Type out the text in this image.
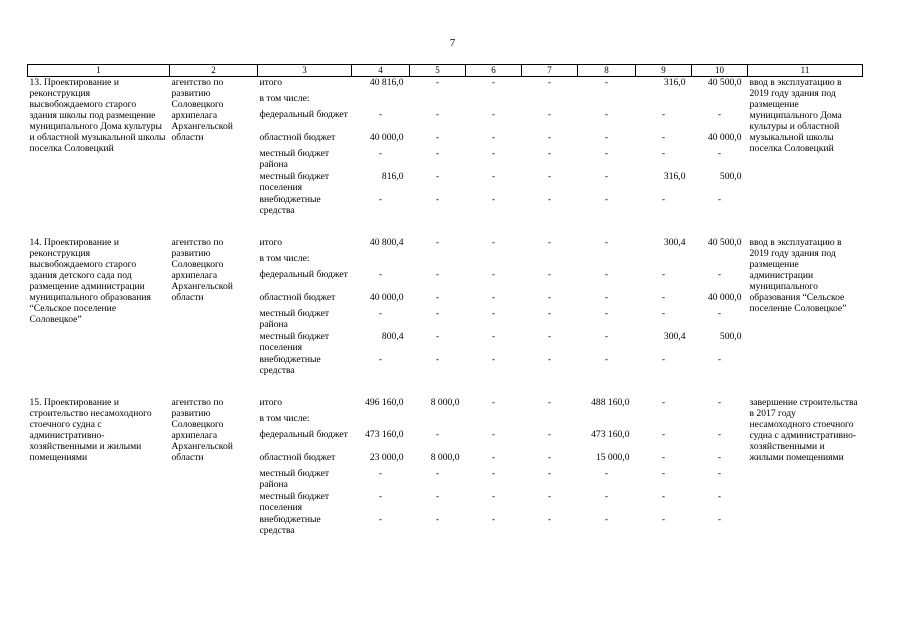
7
1	2	3	4	5	6	7	8	9	10	11
13. Проектирование и реконструкция высвобождаемого старого здания школы под размещение муниципального Дома культуры и областной музыкальной школы поселка Соловецкий	агентство по развитию Соловецкого архипелага Архангельской области	итого	40 816,0	-	-	-	-	316,0	40 500,0	ввод в эксплуатацию в 2019 году здания под размещение муниципального Дома культуры и областной музыкальной школы поселка Соловецкий
		в том числе:								
		федеральный бюджет	-	-	-	-	-	-	-	
		областной бюджет	40 000,0	-	-	-	-	-	40 000,0	
		местный бюджет района	-	-	-	-	-	-	-	
		местный бюджет поселения	816,0	-	-	-	-	316,0	500,0	
		внебюджетные средства	-	-	-	-	-	-	-	

14. Проектирование и реконструкция высвобождаемого старого здания детского сада под размещение администрации муниципального образования “Сельское поселение Соловецкое”	агентство по развитию Соловецкого архипелага Архангельской области	итого	40 800,4	-	-	-	-	300,4	40 500,0	ввод в эксплуатацию в 2019 году здания под размещение администрации муниципального образования “Сельское поселение Соловецкое”
		в том числе:								
		федеральный бюджет	-	-	-	-	-	-	-	
		областной бюджет	40 000,0	-	-	-	-	-	40 000,0	
		местный бюджет района	-	-	-	-	-	-	-	
		местный бюджет поселения	800,4	-	-	-	-	300,4	500,0	
		внебюджетные средства	-	-	-	-	-	-	-	

15. Проектирование и строительство несамоходного стоечного судна с административно-хозяйственными и жилыми помещениями	агентство по развитию Соловецкого архипелага Архангельской области	итого	496 160,0	8 000,0	-	-	488 160,0	-	-	завершение строительства в 2017 году несамоходного стоечного судна с административно-хозяйственными и жилыми помещениями
		в том числе:								
		федеральный бюджет	473 160,0	-	-	-	473 160,0	-	-	
		областной бюджет	23 000,0	8 000,0	-	-	15 000,0	-	-	
		местный бюджет района	-	-	-	-	-	-	-	
		местный бюджет поселения	-	-	-	-	-	-	-	
		внебюджетные средства	-	-	-	-	-	-	-	
